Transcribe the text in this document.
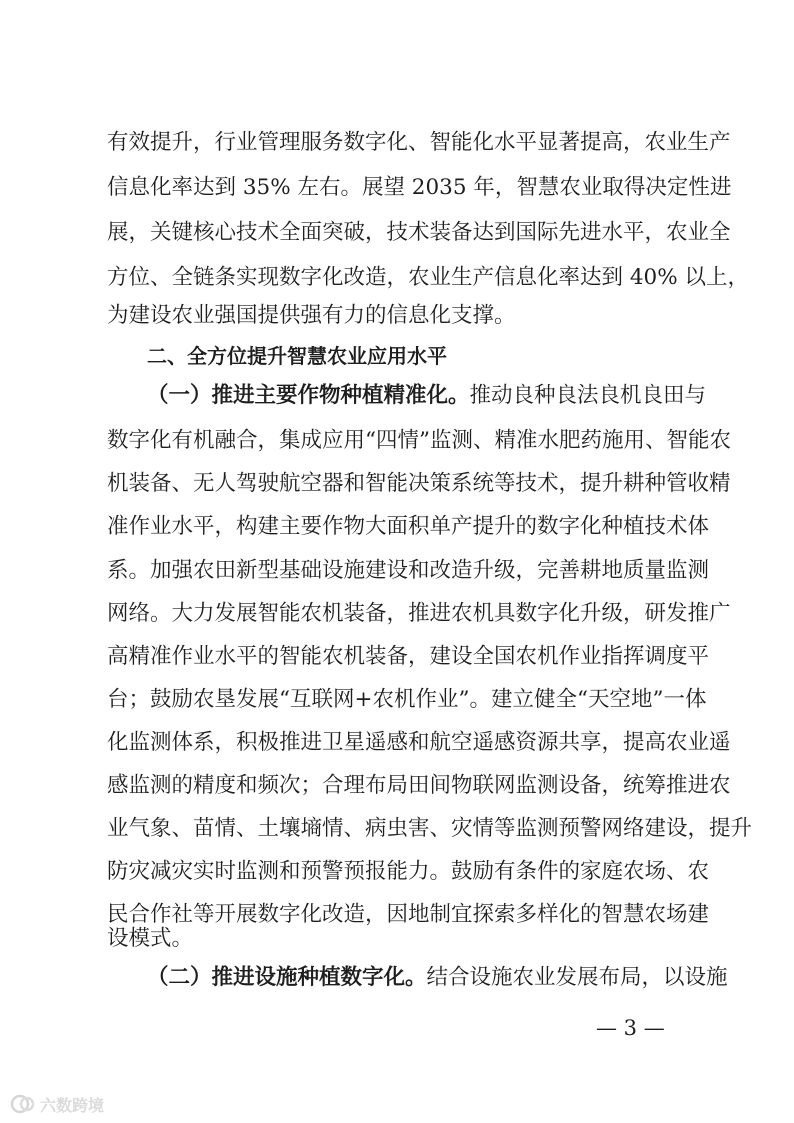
有效提升，行业管理服务数字化、智能化水平显著提高，农业生产
信息化率达到 35% 左右。展望 2035 年，智慧农业取得决定性进
展，关键核心技术全面突破，技术装备达到国际先进水平，农业全
方位、全链条实现数字化改造，农业生产信息化率达到 40% 以上，
为建设农业强国提供强有力的信息化支撑。
二、全方位提升智慧农业应用水平
（一）推进主要作物种植精准化。推动良种良法良机良田与
数字化有机融合，集成应用“四情”监测、精准水肥药施用、智能农
机装备、无人驾驶航空器和智能决策系统等技术，提升耕种管收精
准作业水平，构建主要作物大面积单产提升的数字化种植技术体
系。加强农田新型基础设施建设和改造升级，完善耕地质量监测
网络。大力发展智能农机装备，推进农机具数字化升级，研发推广
高精准作业水平的智能农机装备，建设全国农机作业指挥调度平
台；鼓励农垦发展“互联网+农机作业”。建立健全“天空地”一体
化监测体系，积极推进卫星遥感和航空遥感资源共享，提高农业遥
感监测的精度和频次；合理布局田间物联网监测设备，统筹推进农
业气象、苗情、土壤墒情、病虫害、灾情等监测预警网络建设，提升
防灾减灾实时监测和预警预报能力。鼓励有条件的家庭农场、农
民合作社等开展数字化改造，因地制宜探索多样化的智慧农场建
设模式。
（二）推进设施种植数字化。结合设施农业发展布局，以设施
— 3 —
六数跨境
